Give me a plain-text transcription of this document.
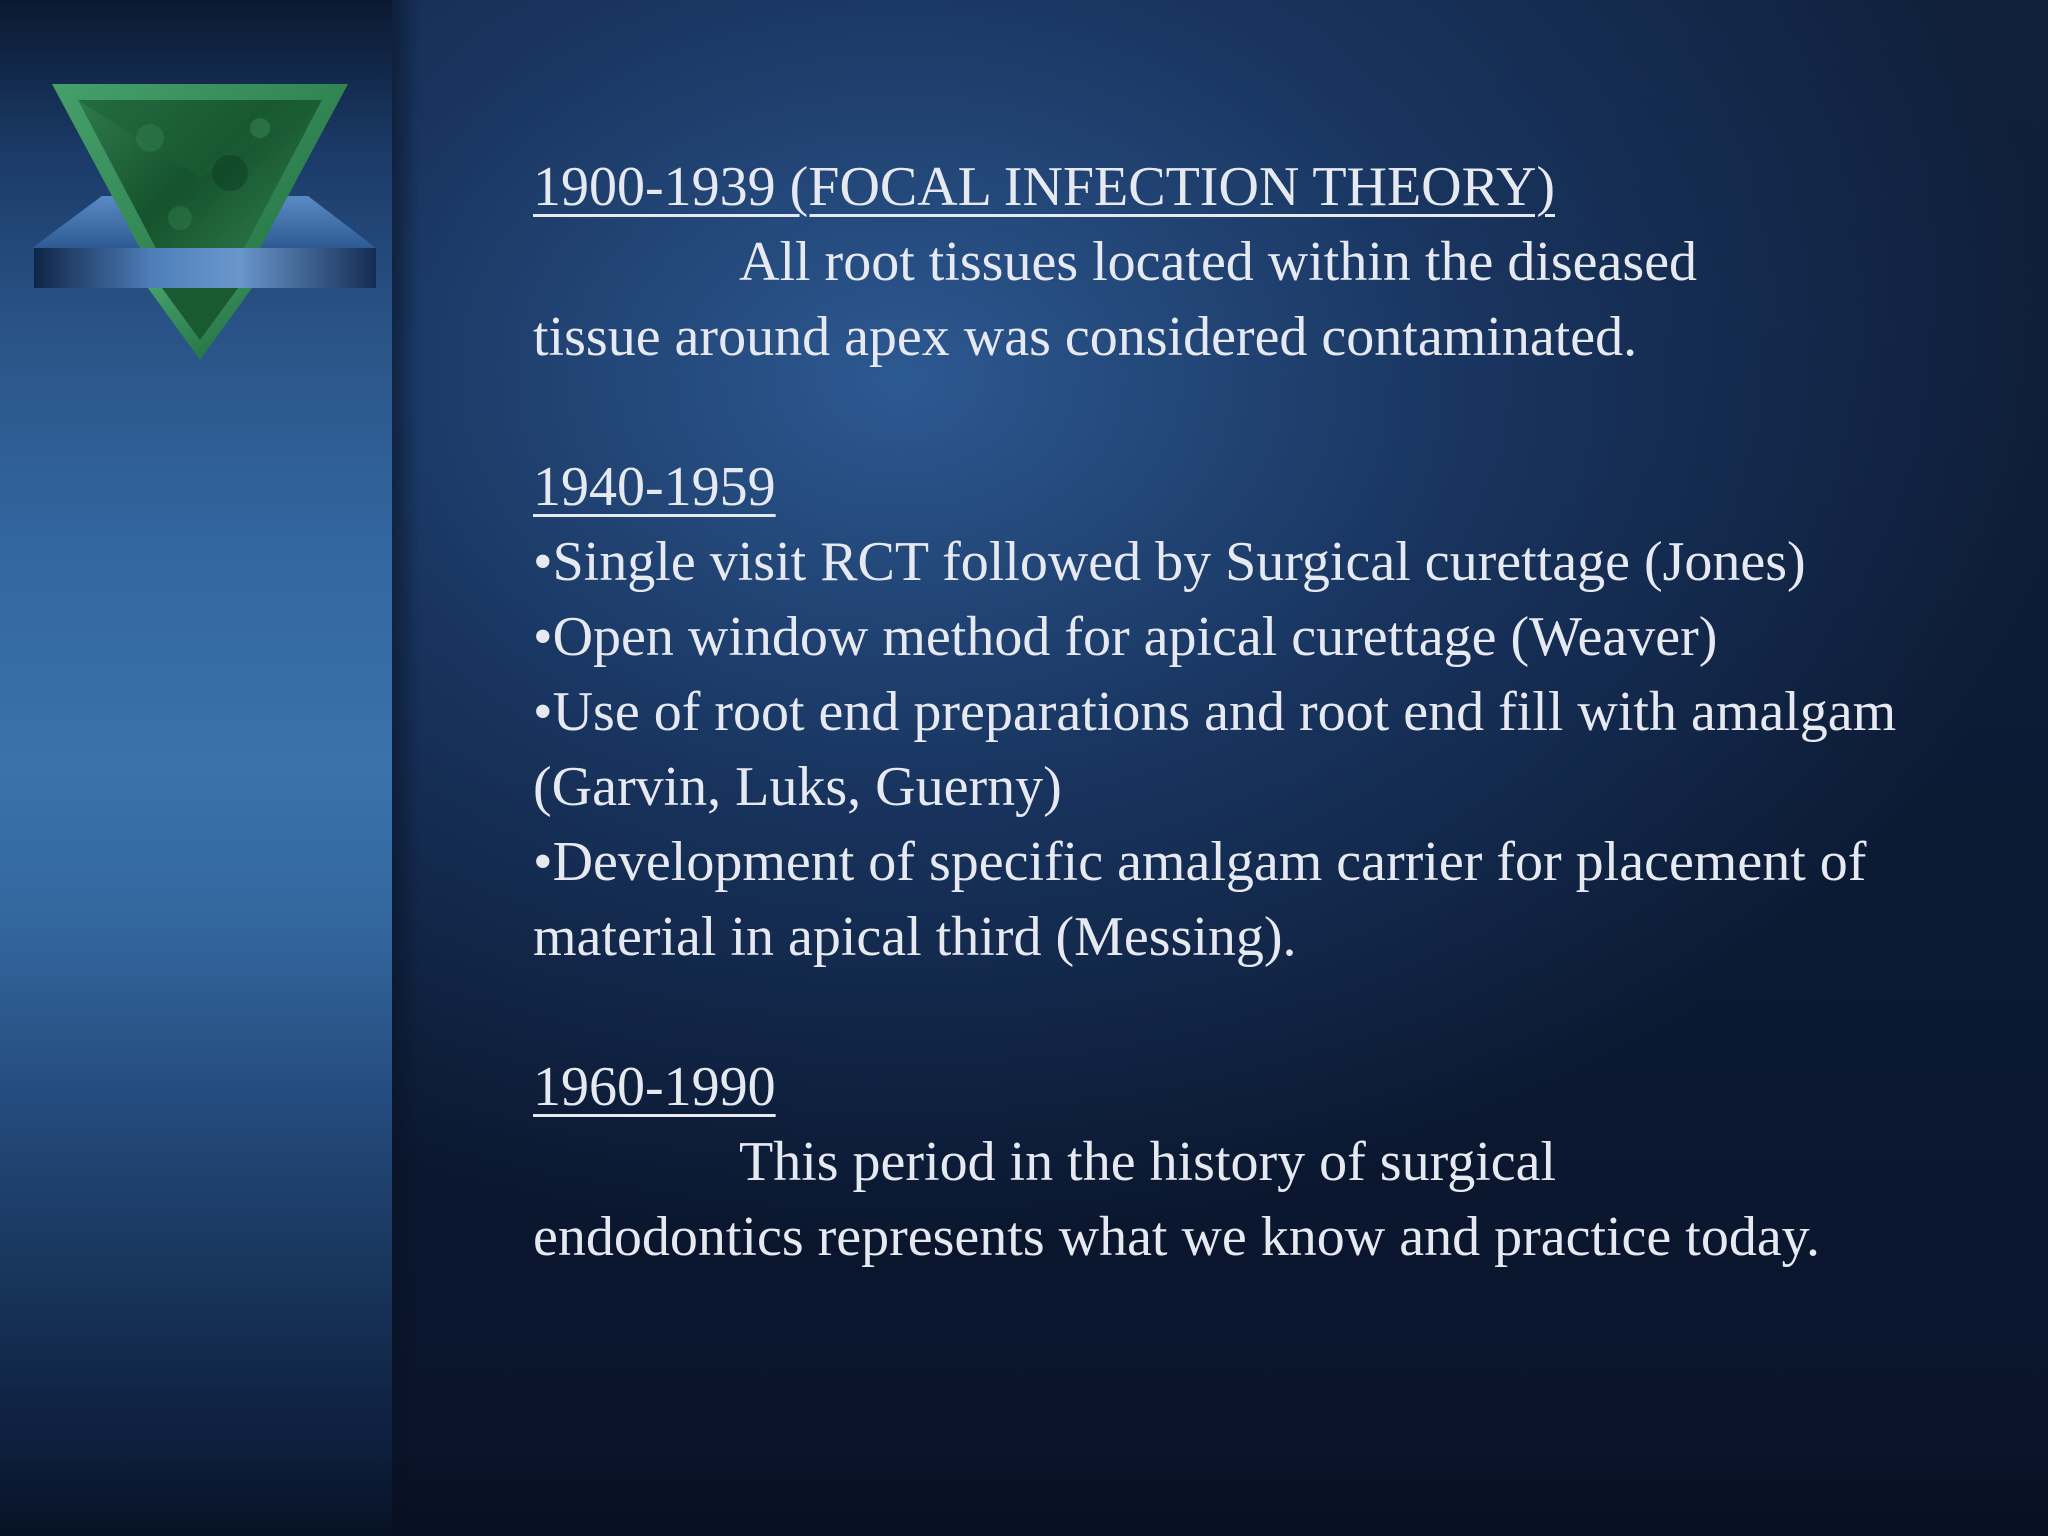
1900-1939 (FOCAL INFECTION THEORY)

All root tissues located within the diseased

tissue around apex was considered contaminated.

1940-1959

•Single visit RCT followed by Surgical curettage (Jones)

•Open window method for apical curettage (Weaver)

•Use of root end preparations and root end fill with amalgam (Garvin, Luks, Guerny)

•Development of specific amalgam carrier for placement of material in apical third (Messing).

1960-1990

This period in the history of surgical

endodontics represents what we know and practice today.
